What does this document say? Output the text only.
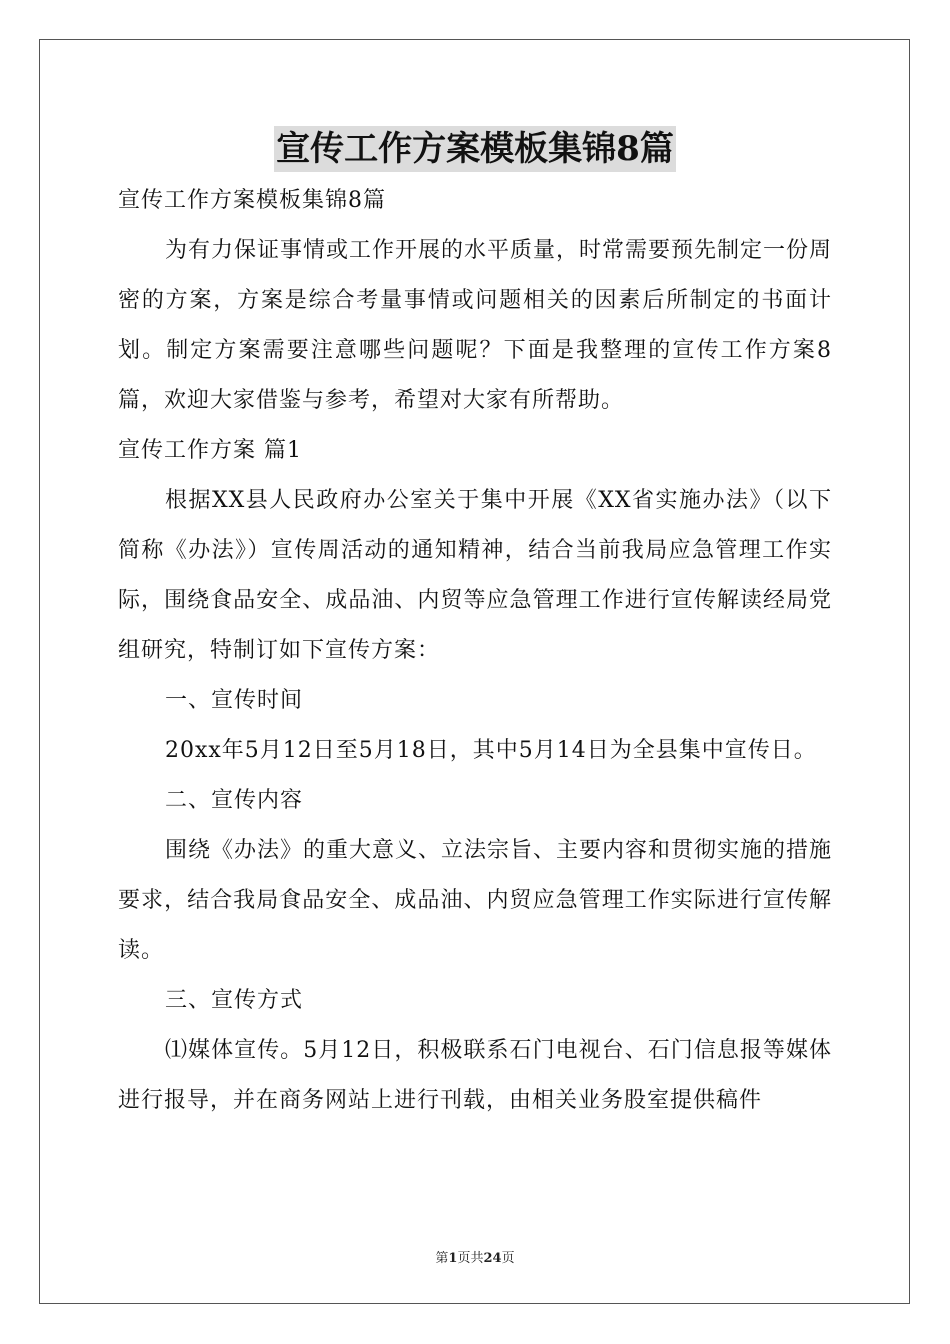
宣传工作方案模板集锦8篇

宣传工作方案模板集锦8篇

为有力保证事情或工作开展的水平质量，时常需要预先制定一份周密的方案，方案是综合考量事情或问题相关的因素后所制定的书面计划。制定方案需要注意哪些问题呢？下面是我整理的宣传工作方案8篇，欢迎大家借鉴与参考，希望对大家有所帮助。

宣传工作方案 篇1

根据XX县人民政府办公室关于集中开展《XX省实施办法》（以下简称《办法》）宣传周活动的通知精神，结合当前我局应急管理工作实际，围绕食品安全、成品油、内贸等应急管理工作进行宣传解读经局党组研究，特制订如下宣传方案：

一、宣传时间

20xx年5月12日至5月18日，其中5月14日为全县集中宣传日。

二、宣传内容

围绕《办法》的重大意义、立法宗旨、主要内容和贯彻实施的措施要求，结合我局食品安全、成品油、内贸应急管理工作实际进行宣传解读。

三、宣传方式

⑴媒体宣传。5月12日，积极联系石门电视台、石门信息报等媒体进行报导，并在商务网站上进行刊载，由相关业务股室提供稿件

第1页共24页
